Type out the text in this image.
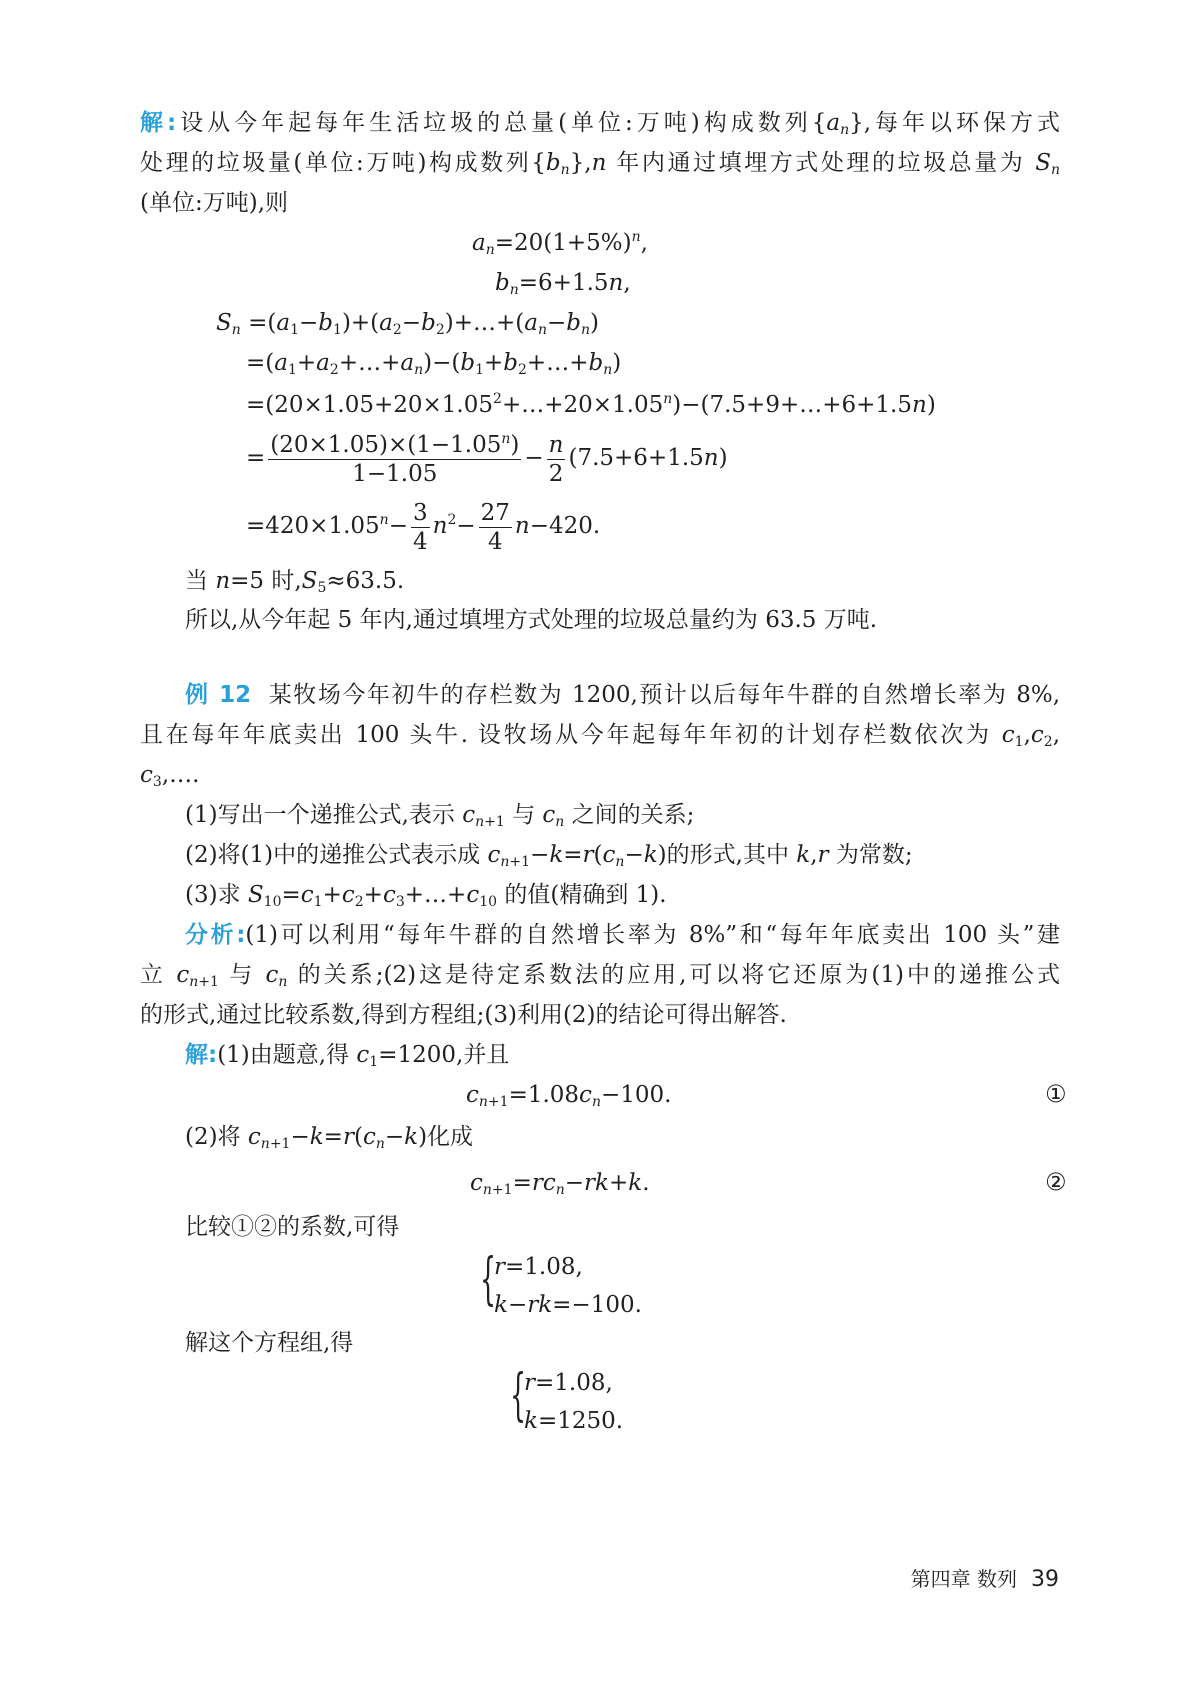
解:设从今年起每年生活垃圾的总量(单位:万吨)构成数列$\{a_n\}$,每年以环保方式
处理的垃圾量(单位:万吨)构成数列$\{b_n\},n$ 年内通过填埋方式处理的垃圾总量为 $S_n$
(单位:万吨),则
$a_n=20(1+5\%)^n$,
$b_n=6+1.5n$,
$S_n$ $=(a_1-b_1)+(a_2-b_2)+\dots+(a_n-b_n)$
$=(a_1+a_2+\dots+a_n)-(b_1+b_2+\dots+b_n)$
$=(20\times 1.05+20\times 1.05^2+\dots+20\times 1.05^n)-(7.5+9+\dots+6+1.5n)$
= $\frac{(20\times 1.05)\times(1-1.05^n)}{1-1.05} - \frac{n}{2} (7.5+6+1.5n)$
$=420\times 1.05^n- \frac{3}{4} n^2- \frac{27}{4} n-420$.
当 n=5 时$,S_5\approx 63.5$.
所以,从今年起 5 年内,通过填埋方式处理的垃圾总量约为 63.5 万吨.
例 12  某牧场今年初牛的存栏数为 1200,预计以后每年牛群的自然增长率为 8%,
且在每年年底卖出 100 头牛. 设牧场从今年起每年年初的计划存栏数依次为 $c_1,c_2$,
$c_3,\dots$.
(1)写出一个递推公式,表示 $c_{n+1}$ 与 $c_n$ 之间的关系;
(2)将(1)中的递推公式表示成 $c_{n+1}-k=r(c_n-k)$的形式,其中 k,r 为常数;
(3)求 $S_{10}=c_1+c_2+c_3+\dots+c_{10}$ 的值(精确到 1).
分析:(1)可以利用“每年牛群的自然增长率为 8%”和“每年年底卖出 100 头”建
立 $c_{n+1}$ 与 $c_n$ 的关系;(2)这是待定系数法的应用,可以将它还原为(1)中的递推公式
的形式,通过比较系数,得到方程组;(3)利用(2)的结论可得出解答.
解:(1)由题意,得 $c_1=1200$,并且
$c_{n+1}=1.08c_n-100$.	①
(2)将 $c_{n+1}-k=r(c_n-k)$化成
$c_{n+1}=rc_n-rk+k$.	②
比较①②的系数,可得
{
r=1.08,
k−rk=−100.
解这个方程组,得
{
r=1.08,
k=1250.
第四章 数列 39
